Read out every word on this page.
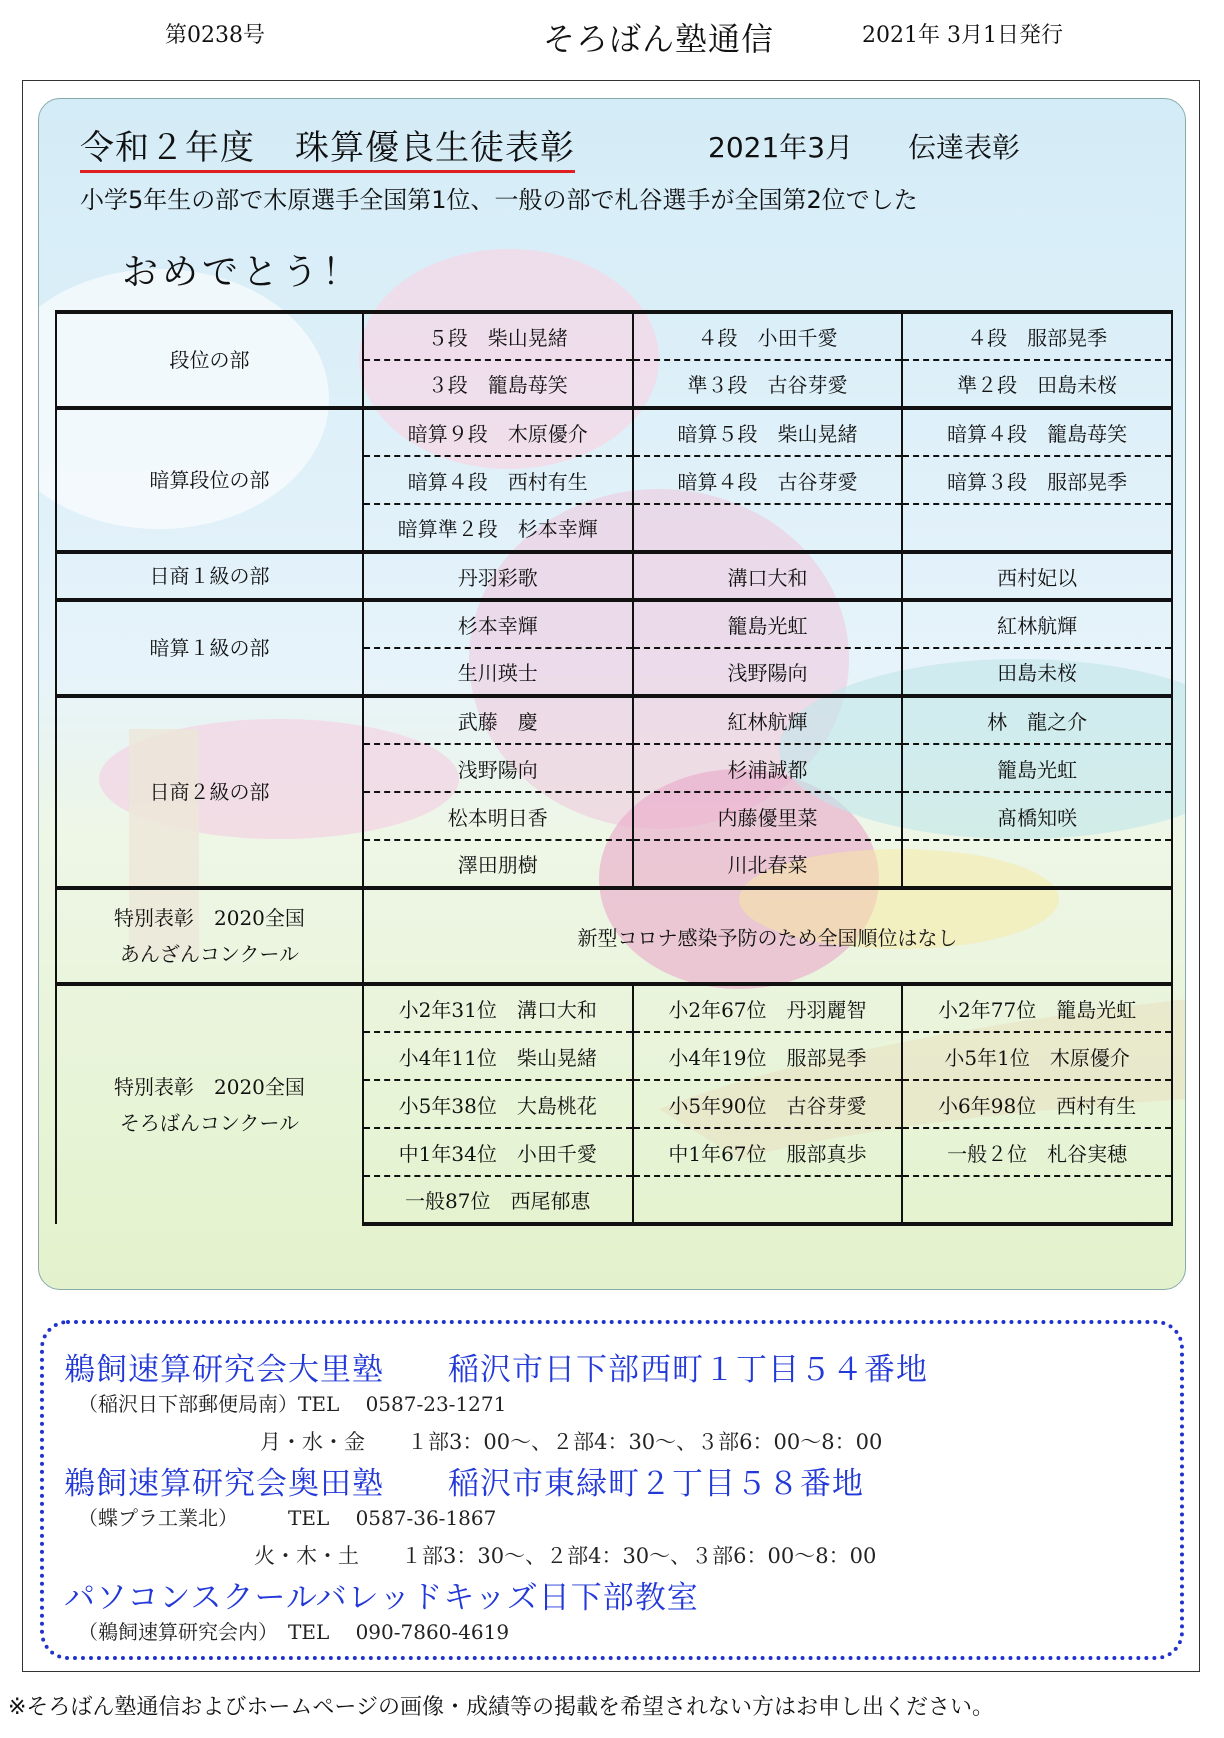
第0238号	そろばん塾通信	2021年 3月1日発行
令和２年度 珠算優良生徒表彰	2021年3月 伝達表彰
小学5年生の部で木原選手全国第1位、一般の部で札谷選手が全国第2位でした
おめでとう！
段位の部	５段　柴山晃緒	４段　小田千愛	４段　服部晃季
	３段　籠島苺笑	準３段　古谷芽愛	準２段　田島未桜
暗算段位の部	暗算９段　木原優介	暗算５段　柴山晃緒	暗算４段　籠島苺笑
	暗算４段　西村有生	暗算４段　古谷芽愛	暗算３段　服部晃季
	暗算準２段　杉本幸輝		
日商１級の部	丹羽彩歌	溝口大和	西村妃以
暗算１級の部	杉本幸輝	籠島光虹	紅林航輝
	生川瑛士	浅野陽向	田島未桜
日商２級の部	武藤　慶	紅林航輝	林　龍之介
	浅野陽向	杉浦誠都	籠島光虹
	松本明日香	内藤優里菜	髙橋知咲
	澤田朋樹	川北春菜	

特別表彰　2020全国
あんざんコンクール	新型コロナ感染予防のため全国順位はなし		

特別表彰　2020全国
そろばんコンクール	小2年31位　溝口大和	小2年67位　丹羽麗智	小2年77位　籠島光虹
	小4年11位　柴山晃緒	小4年19位　服部晃季	小5年1位　木原優介
	小5年38位　大島桃花	小5年90位　古谷芽愛	小6年98位　西村有生
	中1年34位　小田千愛	中1年67位　服部真歩	一般２位　札谷実穂
	一般87位　西尾郁恵		
鵜飼速算研究会大里塾　　稲沢市日下部西町１丁目５４番地
（稲沢日下部郵便局南）TEL　 0587-23-1271
月・水・金　　１部3：00〜、２部4：30〜、３部6：00〜8：00
鵜飼速算研究会奥田塾　　稲沢市東緑町２丁目５８番地
（蝶プラ工業北）　　　TEL　 0587-36-1867
火・木・土　　１部3：30〜、２部4：30〜、３部6：00〜8：00
パソコンスクールバレッドキッズ日下部教室
（鵜飼速算研究会内）　TEL　 090-7860-4619
※そろばん塾通信およびホームページの画像・成績等の掲載を希望されない方はお申し出ください。
